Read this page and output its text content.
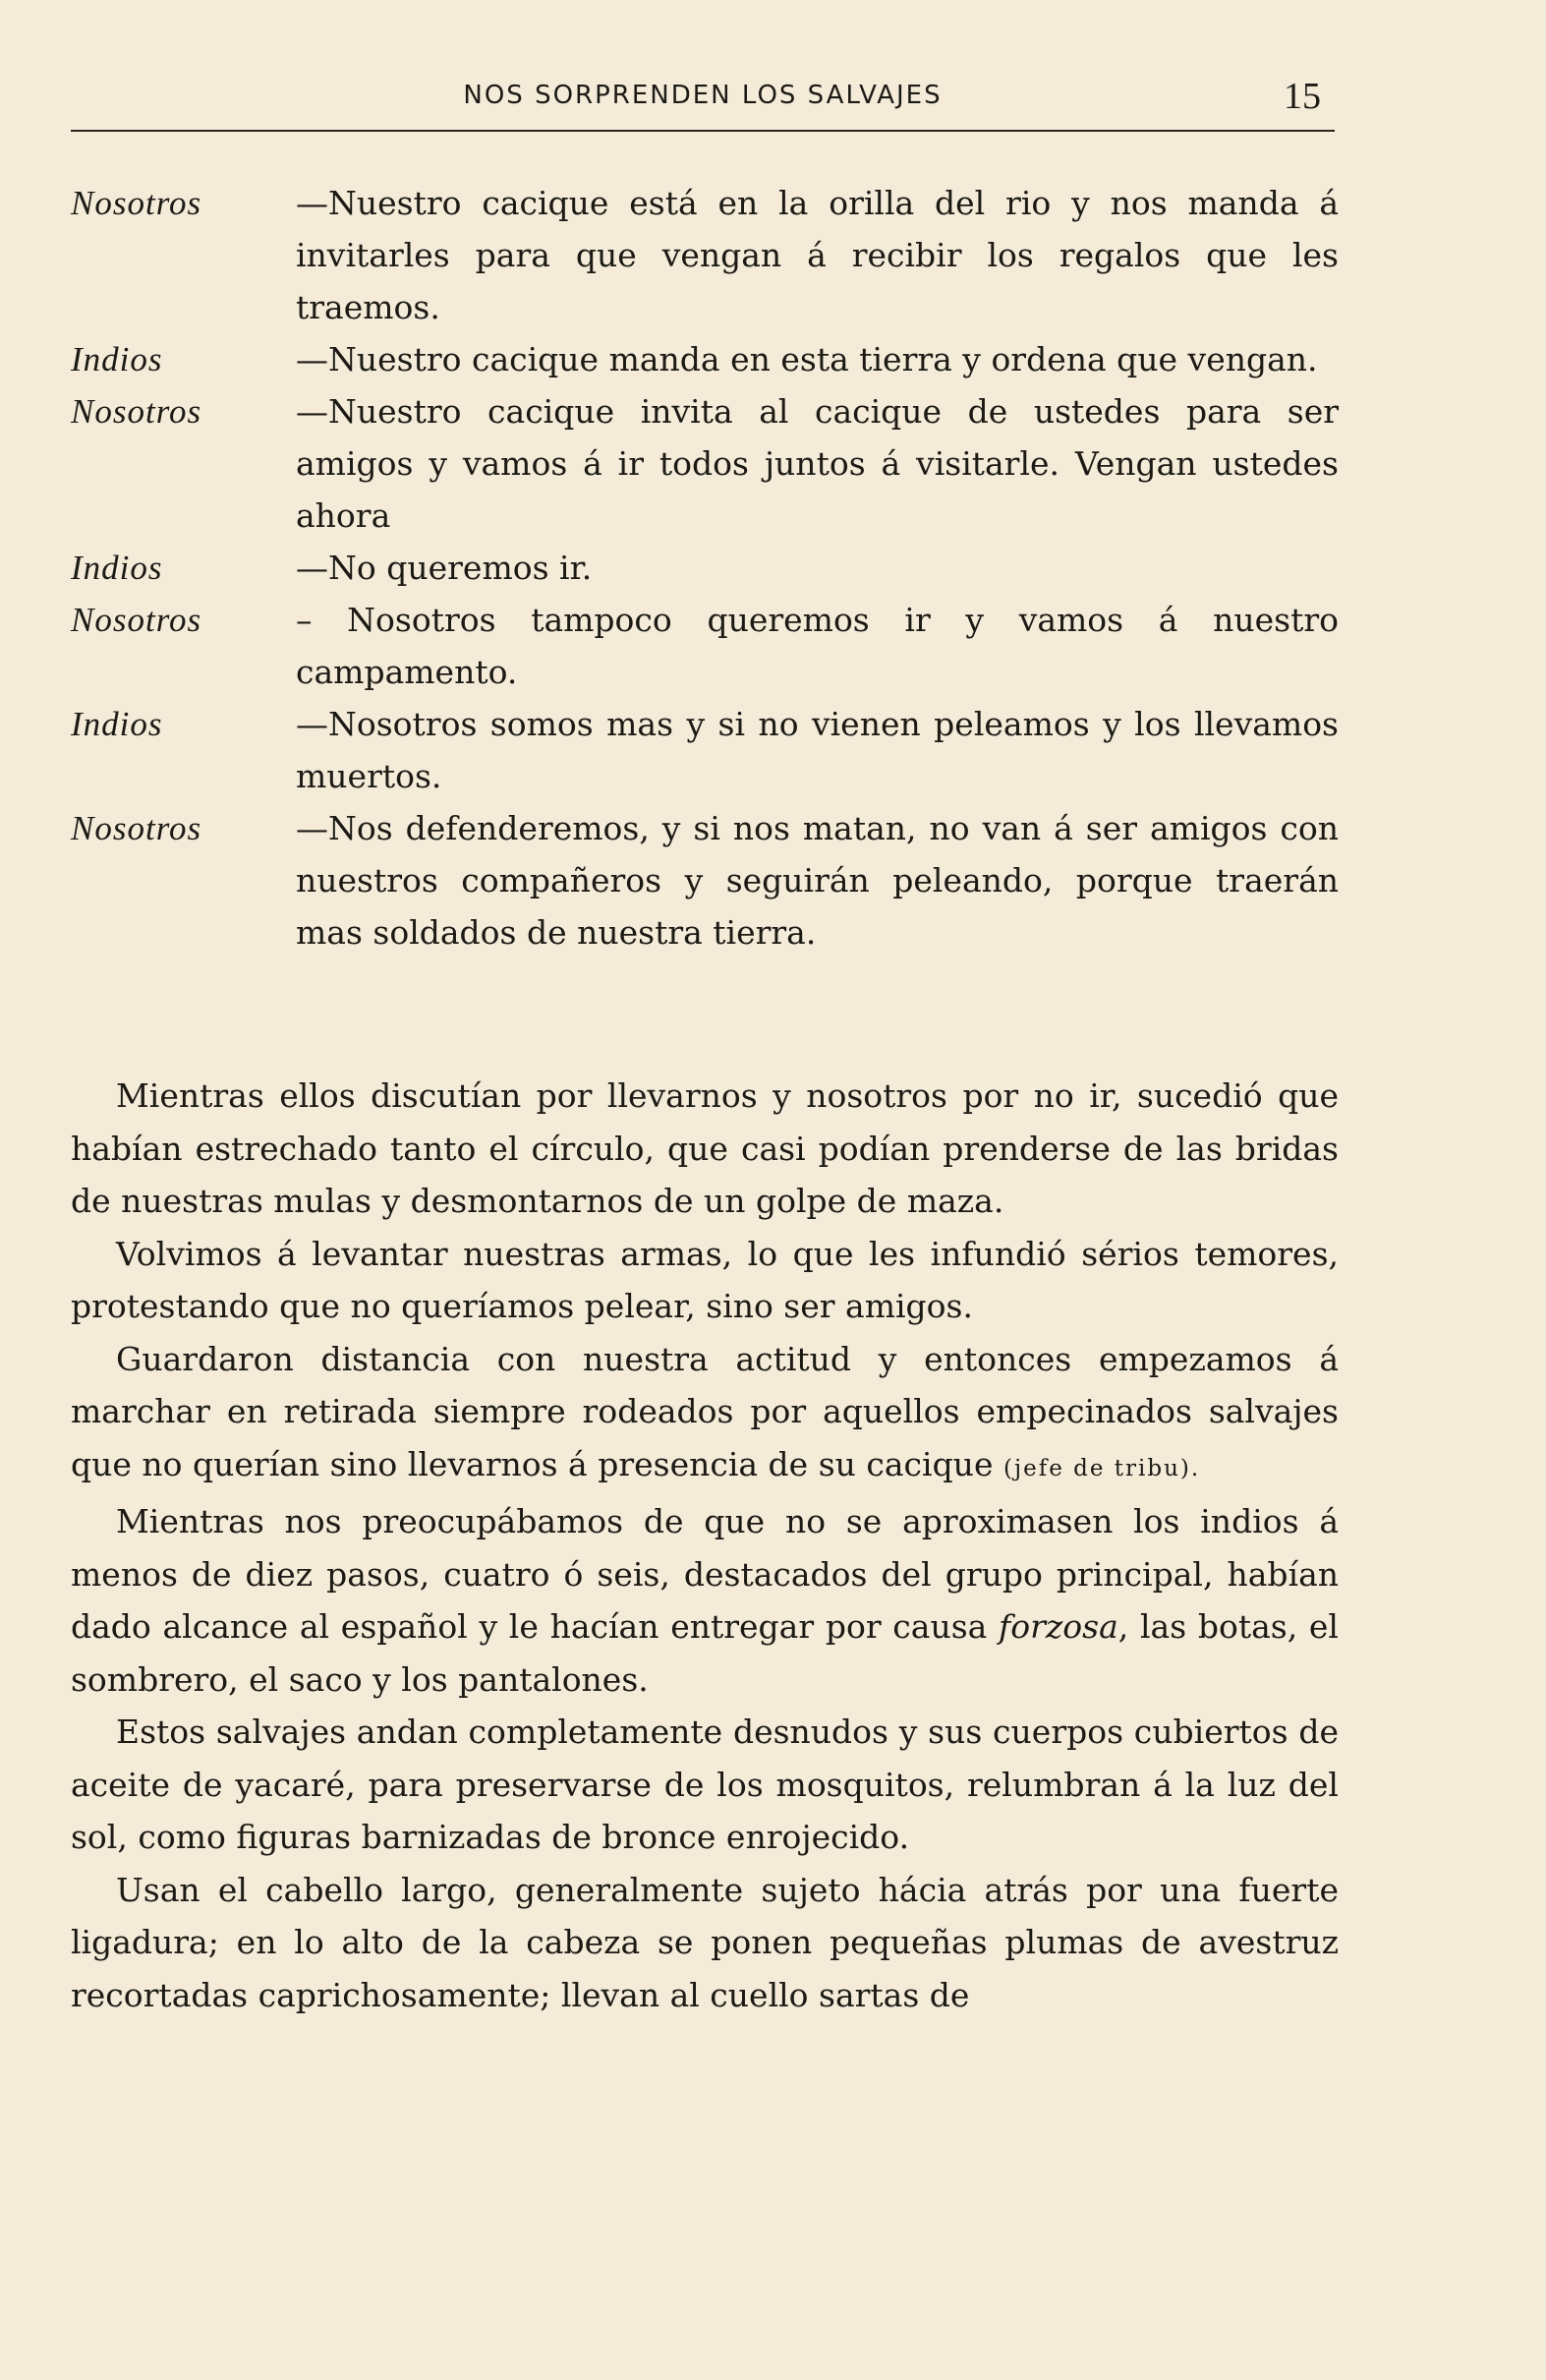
NOS SORPRENDEN LOS SALVAJES	15
Nosotros	—Nuestro cacique está en la orilla del rio y nos manda á invitarles para que vengan á recibir los regalos que les traemos.
Indios	—Nuestro cacique manda en esta tierra y ordena que vengan.
Nosotros	—Nuestro cacique invita al cacique de ustedes para ser amigos y vamos á ir todos juntos á visitarle. Vengan ustedes ahora
Indios	—No queremos ir.
Nosotros	– Nosotros tampoco queremos ir y vamos á nuestro campamento.
Indios	—Nosotros somos mas y si no vienen peleamos y los llevamos muertos.
Nosotros	—Nos defenderemos, y si nos matan, no van á ser amigos con nuestros compañeros y seguirán peleando, porque traerán mas soldados de nuestra tierra.

Mientras ellos discutían por llevarnos y nosotros por no ir, sucedió que habían estrechado tanto el círculo, que casi podían prenderse de las bridas de nuestras mulas y desmontarnos de un golpe de maza.

Volvimos á levantar nuestras armas, lo que les infundió sérios temores, protestando que no queríamos pelear, sino ser amigos.

Guardaron distancia con nuestra actitud y entonces empezamos á marchar en retirada siempre rodeados por aquellos empecinados salvajes que no querían sino llevarnos á presencia de su cacique (jefe de tribu).

Mientras nos preocupábamos de que no se aproximasen los indios á menos de diez pasos, cuatro ó seis, destacados del grupo principal, habían dado alcance al español y le hacían entregar por causa forzosa, las botas, el sombrero, el saco y los pantalones.

Estos salvajes andan completamente desnudos y sus cuerpos cubiertos de aceite de yacaré, para preservarse de los mosquitos, relumbran á la luz del sol, como figuras barnizadas de bronce enrojecido.

Usan el cabello largo, generalmente sujeto hácia atrás por una fuerte ligadura; en lo alto de la cabeza se ponen pequeñas plumas de avestruz recortadas caprichosamente; llevan al cuello sartas de
